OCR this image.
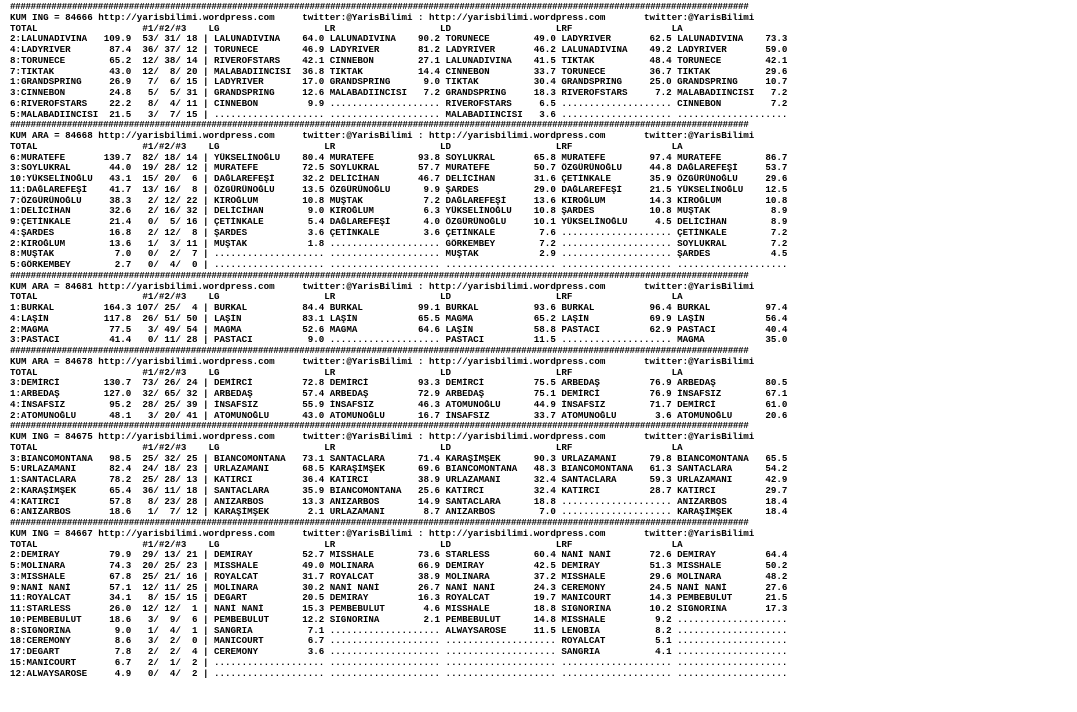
###############################################################################################################################################
KUM ING = 84666 http://yarisbilimi.wordpress.com     twitter:@YarisBilimi : http://yarisbilimi.wordpress.com       twitter:@YarisBilimi
TOTAL                   #1/#2/#3    LG                   LR                   LD                   LRF                  LA
2:LALUNADIVINA   109.9  53/ 31/ 18 | LALUNADIVINA    64.0 LALUNADIVINA    90.2 TORUNECE        49.0 LADYRIVER       62.5 LALUNADIVINA    73.3
4:LADYRIVER       87.4  36/ 37/ 12 | TORUNECE        46.9 LADYRIVER       81.2 LADYRIVER       46.2 LALUNADIVINA    49.2 LADYRIVER       59.0
8:TORUNECE        65.2  12/ 38/ 14 | RIVEROFSTARS    42.1 CINNEBON        27.1 LALUNADIVINA    41.5 TIKTAK          48.4 TORUNECE        42.1
7:TIKTAK          43.0  12/  8/ 20 | MALABADIINCISI  36.8 TIKTAK          14.4 CINNEBON        33.7 TORUNECE        36.7 TIKTAK          29.6
1:GRANDSPRING     26.9   7/  6/ 15 | LADYRIVER       17.0 GRANDSPRING      9.0 TIKTAK          30.4 GRANDSPRING     25.0 GRANDSPRING     10.7
3:CINNEBON        24.8   5/  5/ 31 | GRANDSPRING     12.6 MALABADIINCISI   7.2 GRANDSPRING     18.3 RIVEROFSTARS     7.2 MALABADIINCISI   7.2
6:RIVEROFSTARS    22.2   8/  4/ 11 | CINNEBON         9.9 .................... RIVEROFSTARS     6.5 .................... CINNEBON         7.2
5:MALABADIINCISI  21.5   3/  7/ 15 | .................... .................... MALABADIINCISI   3.6 .................... ....................
###############################################################################################################################################
KUM ARA = 84668 http://yarisbilimi.wordpress.com     twitter:@YarisBilimi : http://yarisbilimi.wordpress.com       twitter:@YarisBilimi
TOTAL                   #1/#2/#3    LG                   LR                   LD                   LRF                  LA
6:MURATEFE       139.7  82/ 18/ 14 | YÜKSELİNOĞLU    80.4 MURATEFE        93.8 SOYLUKRAL       65.8 MURATEFE        97.4 MURATEFE        86.7
3:SOYLUKRAL       44.0  19/ 28/ 12 | MURATEFE        72.5 SOYLUKRAL       57.7 MURATEFE        50.7 ÖZGÜRÜNOĞLU     44.8 DAĞLAREFEŞİ     53.7
10:YÜKSELİNOĞLU   43.1  15/ 20/  6 | DAĞLAREFEŞİ     32.2 DELİCİHAN       46.7 DELİCİHAN       31.6 ÇETİNKALE       35.9 ÖZGÜRÜNOĞLU     29.6
11:DAĞLAREFEŞİ    41.7  13/ 16/  8 | ÖZGÜRÜNOĞLU     13.5 ÖZGÜRÜNOĞLU      9.9 ŞARDES          29.0 DAĞLAREFEŞİ     21.5 YÜKSELİNOĞLU    12.5
7:ÖZGÜRÜNOĞLU     38.3   2/ 12/ 22 | KIROĞLUM        10.8 MUŞTAK           7.2 DAĞLAREFEŞİ     13.6 KIROĞLUM        14.3 KIROĞLUM        10.8
1:DELİCİHAN       32.6   2/ 16/ 32 | DELİCİHAN        9.0 KIROĞLUM         6.3 YÜKSELİNOĞLU    10.8 ŞARDES          10.8 MUŞTAK           8.9
9:ÇETİNKALE       21.4   0/  5/ 16 | ÇETİNKALE        5.4 DAĞLAREFEŞİ      4.0 ÖZGÜRÜNOĞLU     10.1 YÜKSELİNOĞLU     4.5 DELİCİHAN        8.9
4:ŞARDES          16.8   2/ 12/  8 | ŞARDES           3.6 ÇETİNKALE        3.6 ÇETİNKALE        7.6 .................... ÇETİNKALE        7.2
2:KIROĞLUM        13.6   1/  3/ 11 | MUŞTAK           1.8 .................... GÖRKEMBEY        7.2 .................... SOYLUKRAL        7.2
8:MUŞTAK           7.0   0/  2/  7 | .................... .................... MUŞTAK           2.9 .................... ŞARDES           4.5
5:GÖRKEMBEY        2.7   0/  4/  0 | .................... .................... .................... .................... ....................
###############################################################################################################################################
KUM ARA = 84681 http://yarisbilimi.wordpress.com     twitter:@YarisBilimi : http://yarisbilimi.wordpress.com       twitter:@YarisBilimi
TOTAL                   #1/#2/#3    LG                   LR                   LD                   LRF                  LA
1:BURKAL         164.3 107/ 25/  4 | BURKAL          84.4 BURKAL          99.1 BURKAL          93.6 BURKAL          96.4 BURKAL          97.4
4:LAŞİN          117.8  26/ 51/ 50 | LAŞİN           83.1 LAŞİN           65.5 MAGMA           65.2 LAŞİN           69.9 LAŞİN           56.4
2:MAGMA           77.5   3/ 49/ 54 | MAGMA           52.6 MAGMA           64.6 LAŞİN           58.8 PASTACI         62.9 PASTACI         40.4
3:PASTACI         41.4   0/ 11/ 28 | PASTACI          9.0 .................... PASTACI         11.5 .................... MAGMA           35.0
###############################################################################################################################################
KUM ARA = 84678 http://yarisbilimi.wordpress.com     twitter:@YarisBilimi : http://yarisbilimi.wordpress.com       twitter:@YarisBilimi
TOTAL                   #1/#2/#3    LG                   LR                   LD                   LRF                  LA
3:DEMİRCİ        130.7  73/ 26/ 24 | DEMİRCİ         72.8 DEMİRCİ         93.3 DEMİRCİ         75.5 ARBEDAŞ         76.9 ARBEDAŞ         80.5
1:ARBEDAŞ        127.0  32/ 65/ 32 | ARBEDAŞ         57.4 ARBEDAŞ         72.9 ARBEDAŞ         75.1 DEMİRCİ         76.9 İNSAFSIZ        67.1
4:İNSAFSIZ        95.2  28/ 25/ 39 | İNSAFSIZ        55.9 İNSAFSIZ        46.3 ATOMUNOĞLU      44.9 İNSAFSIZ        71.7 DEMİRCİ         61.0
2:ATOMUNOĞLU      48.1   3/ 20/ 41 | ATOMUNOĞLU      43.0 ATOMUNOĞLU      16.7 İNSAFSIZ        33.7 ATOMUNOĞLU       3.6 ATOMUNOĞLU      20.6
###############################################################################################################################################
KUM ING = 84675 http://yarisbilimi.wordpress.com     twitter:@YarisBilimi : http://yarisbilimi.wordpress.com       twitter:@YarisBilimi
TOTAL                   #1/#2/#3    LG                   LR                   LD                   LRF                  LA
3:BIANCOMONTANA   98.5  25/ 32/ 25 | BIANCOMONTANA   73.1 SANTACLARA      71.4 KARAŞİMŞEK      90.3 URLAZAMANI      79.8 BIANCOMONTANA   65.5
5:URLAZAMANI      82.4  24/ 18/ 23 | URLAZAMANI      68.5 KARAŞİMŞEK      69.6 BIANCOMONTANA   48.3 BIANCOMONTANA   61.3 SANTACLARA      54.2
1:SANTACLARA      78.2  25/ 28/ 13 | KATIRCI         36.4 KATIRCI         38.9 URLAZAMANI      32.4 SANTACLARA      59.3 URLAZAMANI      42.9
2:KARAŞİMŞEK      65.4  36/ 11/ 18 | SANTACLARA      35.9 BIANCOMONTANA   25.6 KATIRCI         32.4 KATIRCI         28.7 KATIRCI         29.7
4:KATIRCI         57.8   8/ 23/ 28 | ANIZARBOS       13.3 ANIZARBOS       14.9 SANTACLARA      18.8 .................... ANIZARBOS       18.4
6:ANIZARBOS       18.6   1/  7/ 12 | KARAŞİMŞEK       2.1 URLAZAMANI       8.7 ANIZARBOS        7.0 .................... KARAŞİMŞEK      18.4
###############################################################################################################################################
KUM ING = 84667 http://yarisbilimi.wordpress.com     twitter:@YarisBilimi : http://yarisbilimi.wordpress.com       twitter:@YarisBilimi
TOTAL                   #1/#2/#3    LG                   LR                   LD                   LRF                  LA
2:DEMIRAY         79.9  29/ 13/ 21 | DEMIRAY         52.7 MISSHALE        73.6 STARLESS        60.4 NANİ NANİ       72.6 DEMIRAY         64.4
5:MOLINARA        74.3  20/ 25/ 23 | MISSHALE        49.0 MOLINARA        66.9 DEMIRAY         42.5 DEMIRAY         51.3 MISSHALE        50.2
3:MISSHALE        67.8  25/ 21/ 16 | ROYALCAT        31.7 ROYALCAT        38.9 MOLINARA        37.2 MISSHALE        29.6 MOLINARA        48.2
9:NANİ NANİ       57.1  12/ 11/ 25 | MOLINARA        30.2 NANİ NANİ       26.7 NANİ NANİ       24.3 CEREMONY        24.5 NANİ NANİ       27.6
11:ROYALCAT       34.1   8/ 15/ 15 | DEGART          20.5 DEMIRAY         16.3 ROYALCAT        19.7 MANICOURT       14.3 PEMBEBULUT      21.5
11:STARLESS       26.0  12/ 12/  1 | NANİ NANİ       15.3 PEMBEBULUT       4.6 MISSHALE        18.8 SIGNORINA       10.2 SIGNORINA       17.3
10:PEMBEBULUT     18.6   3/  9/  6 | PEMBEBULUT      12.2 SIGNORINA        2.1 PEMBEBULUT      14.8 MISSHALE         9.2 ....................
8:SIGNORINA        9.0   1/  4/  1 | SANGRIA          7.1 .................... ALWAYSAROSE     11.5 LENOBIA          8.2 ....................
18:CEREMONY        8.6   3/  2/  0 | MANICOURT        6.7 .................... .................... ROYALCAT         5.1 ....................
17:DEGART          7.8   2/  2/  4 | CEREMONY         3.6 .................... .................... SANGRIA          4.1 ....................
15:MANICOURT       6.7   2/  1/  2 | .................... .................... .................... .................... ....................
12:ALWAYSAROSE     4.9   0/  4/  2 | .................... .................... .................... .................... ....................
